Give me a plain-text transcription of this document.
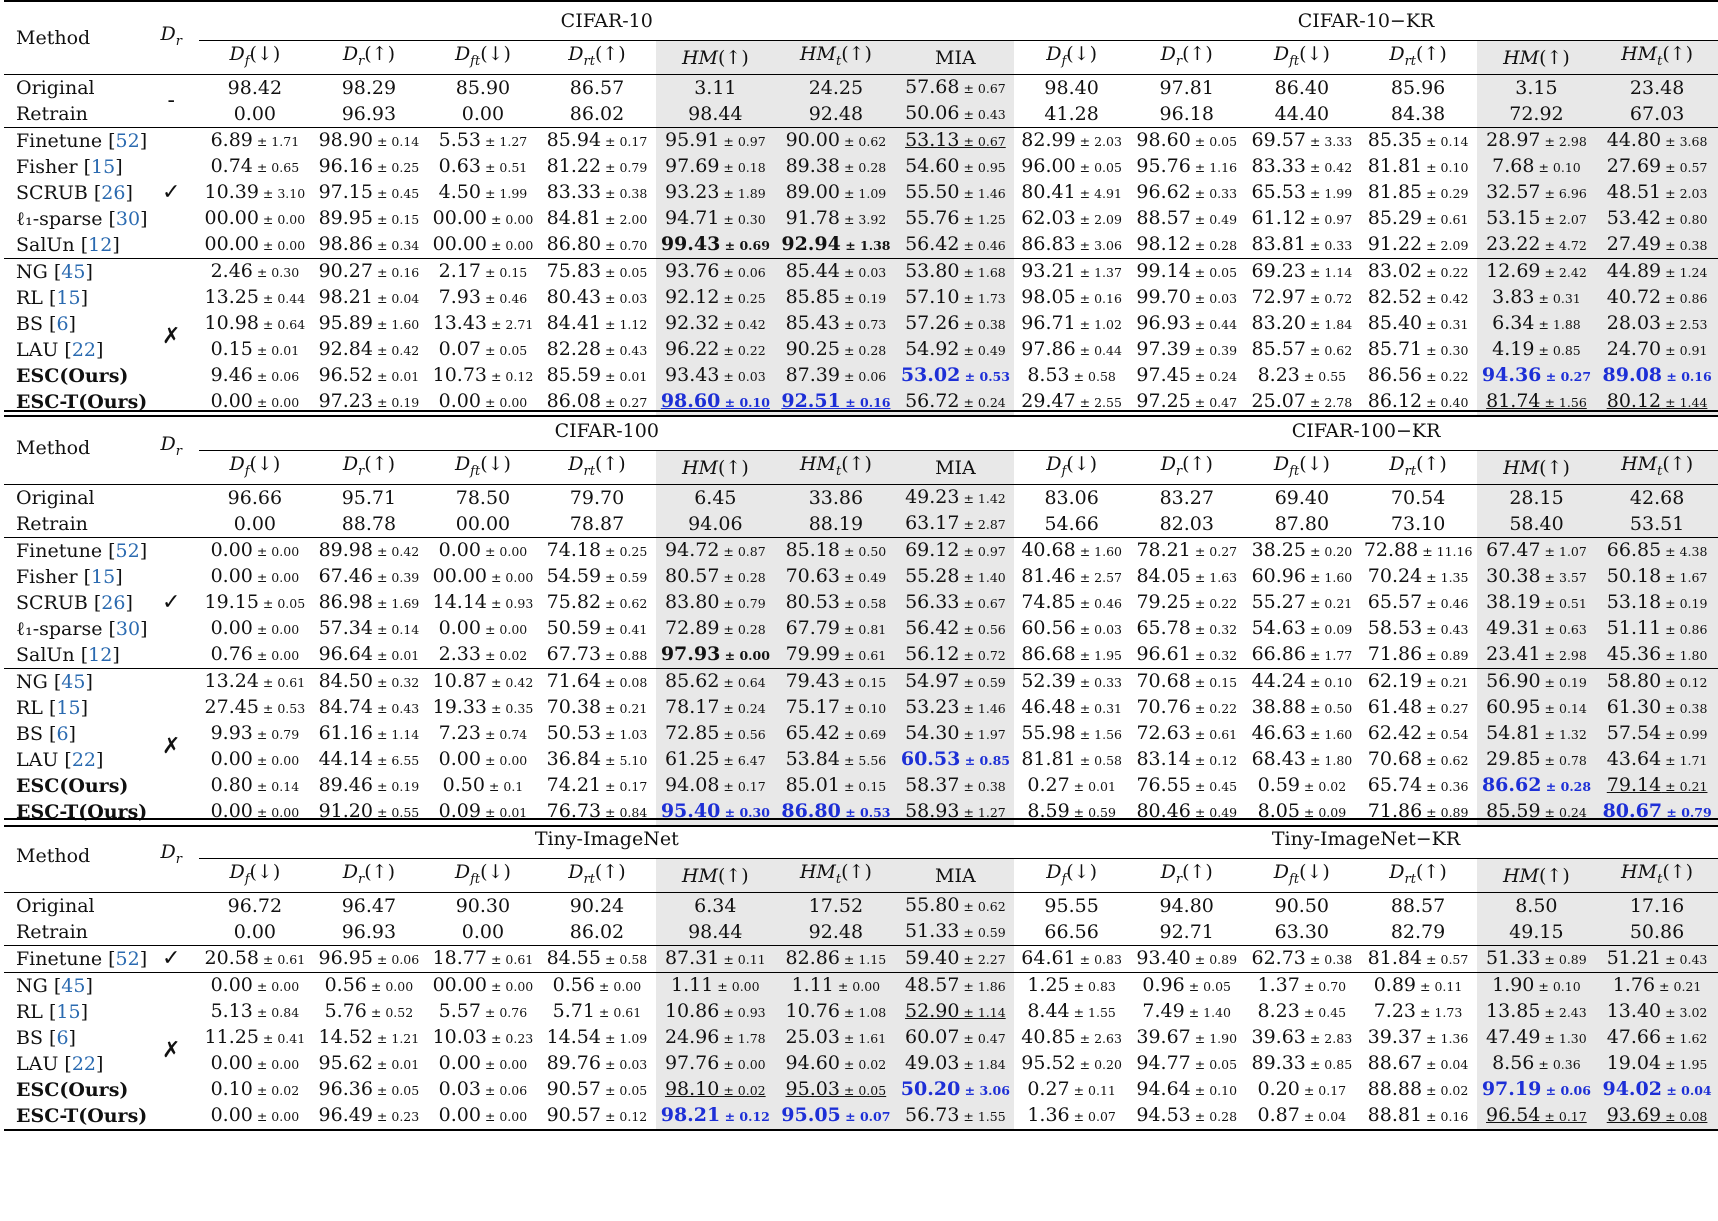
Method	$D_r$	CIFAR-10							CIFAR-10−KR					
		$D_f(↓)$	$D_r(↑)$	$D_{ft}(↓)$	$D_{rt}(↑)$	HM(↑)	$HM_t(↑)$	MIA	$D_f(↓)$	$D_r(↑)$	$D_{ft}(↓)$	$D_{rt}(↑)$	HM(↑)	$HM_t(↑)$
Original	-	98.42	98.29	85.90	86.57	3.11	24.25	57.68 ± 0.67	98.40	97.81	86.40	85.96	3.15	23.48
Retrain		0.00	96.93	0.00	86.02	98.44	92.48	50.06 ± 0.43	41.28	96.18	44.40	84.38	72.92	67.03
Finetune [52]	✓	6.89 ± 1.71	98.90 ± 0.14	5.53 ± 1.27	85.94 ± 0.17	95.91 ± 0.97	90.00 ± 0.62	53.13 ± 0.67	82.99 ± 2.03	98.60 ± 0.05	69.57 ± 3.33	85.35 ± 0.14	28.97 ± 2.98	44.80 ± 3.68
Fisher [15]		0.74 ± 0.65	96.16 ± 0.25	0.63 ± 0.51	81.22 ± 0.79	97.69 ± 0.18	89.38 ± 0.28	54.60 ± 0.95	96.00 ± 0.05	95.76 ± 1.16	83.33 ± 0.42	81.81 ± 0.10	7.68 ± 0.10	27.69 ± 0.57
SCRUB [26]		10.39 ± 3.10	97.15 ± 0.45	4.50 ± 1.99	83.33 ± 0.38	93.23 ± 1.89	89.00 ± 1.09	55.50 ± 1.46	80.41 ± 4.91	96.62 ± 0.33	65.53 ± 1.99	81.85 ± 0.29	32.57 ± 6.96	48.51 ± 2.03
ℓ₁-sparse [30]		00.00 ± 0.00	89.95 ± 0.15	00.00 ± 0.00	84.81 ± 2.00	94.71 ± 0.30	91.78 ± 3.92	55.76 ± 1.25	62.03 ± 2.09	88.57 ± 0.49	61.12 ± 0.97	85.29 ± 0.61	53.15 ± 2.07	53.42 ± 0.80
SalUn [12]		00.00 ± 0.00	98.86 ± 0.34	00.00 ± 0.00	86.80 ± 0.70	99.43 ± 0.69	92.94 ± 1.38	56.42 ± 0.46	86.83 ± 3.06	98.12 ± 0.28	83.81 ± 0.33	91.22 ± 2.09	23.22 ± 4.72	27.49 ± 0.38
NG [45]	✗	2.46 ± 0.30	90.27 ± 0.16	2.17 ± 0.15	75.83 ± 0.05	93.76 ± 0.06	85.44 ± 0.03	53.80 ± 1.68	93.21 ± 1.37	99.14 ± 0.05	69.23 ± 1.14	83.02 ± 0.22	12.69 ± 2.42	44.89 ± 1.24
RL [15]		13.25 ± 0.44	98.21 ± 0.04	7.93 ± 0.46	80.43 ± 0.03	92.12 ± 0.25	85.85 ± 0.19	57.10 ± 1.73	98.05 ± 0.16	99.70 ± 0.03	72.97 ± 0.72	82.52 ± 0.42	3.83 ± 0.31	40.72 ± 0.86
BS [6]		10.98 ± 0.64	95.89 ± 1.60	13.43 ± 2.71	84.41 ± 1.12	92.32 ± 0.42	85.43 ± 0.73	57.26 ± 0.38	96.71 ± 1.02	96.93 ± 0.44	83.20 ± 1.84	85.40 ± 0.31	6.34 ± 1.88	28.03 ± 2.53
LAU [22]		0.15 ± 0.01	92.84 ± 0.42	0.07 ± 0.05	82.28 ± 0.43	96.22 ± 0.22	90.25 ± 0.28	54.92 ± 0.49	97.86 ± 0.44	97.39 ± 0.39	85.57 ± 0.62	85.71 ± 0.30	4.19 ± 0.85	24.70 ± 0.91
ESC(Ours)		9.46 ± 0.06	96.52 ± 0.01	10.73 ± 0.12	85.59 ± 0.01	93.43 ± 0.03	87.39 ± 0.06	53.02 ± 0.53	8.53 ± 0.58	97.45 ± 0.24	8.23 ± 0.55	86.56 ± 0.22	94.36 ± 0.27	89.08 ± 0.16
ESC-T(Ours)		0.00 ± 0.00	97.23 ± 0.19	0.00 ± 0.00	86.08 ± 0.27	98.60 ± 0.10	92.51 ± 0.16	56.72 ± 0.24	29.47 ± 2.55	97.25 ± 0.47	25.07 ± 2.78	86.12 ± 0.40	81.74 ± 1.56	80.12 ± 1.44
Method	$D_r$	CIFAR-100							CIFAR-100−KR					
		$D_f(↓)$	$D_r(↑)$	$D_{ft}(↓)$	$D_{rt}(↑)$	HM(↑)	$HM_t(↑)$	MIA	$D_f(↓)$	$D_r(↑)$	$D_{ft}(↓)$	$D_{rt}(↑)$	HM(↑)	$HM_t(↑)$
Original		96.66	95.71	78.50	79.70	6.45	33.86	49.23 ± 1.42	83.06	83.27	69.40	70.54	28.15	42.68
Retrain		0.00	88.78	00.00	78.87	94.06	88.19	63.17 ± 2.87	54.66	82.03	87.80	73.10	58.40	53.51
Finetune [52]	✓	0.00 ± 0.00	89.98 ± 0.42	0.00 ± 0.00	74.18 ± 0.25	94.72 ± 0.87	85.18 ± 0.50	69.12 ± 0.97	40.68 ± 1.60	78.21 ± 0.27	38.25 ± 0.20	72.88 ± 11.16	67.47 ± 1.07	66.85 ± 4.38
Fisher [15]		0.00 ± 0.00	67.46 ± 0.39	00.00 ± 0.00	54.59 ± 0.59	80.57 ± 0.28	70.63 ± 0.49	55.28 ± 1.40	81.46 ± 2.57	84.05 ± 1.63	60.96 ± 1.60	70.24 ± 1.35	30.38 ± 3.57	50.18 ± 1.67
SCRUB [26]		19.15 ± 0.05	86.98 ± 1.69	14.14 ± 0.93	75.82 ± 0.62	83.80 ± 0.79	80.53 ± 0.58	56.33 ± 0.67	74.85 ± 0.46	79.25 ± 0.22	55.27 ± 0.21	65.57 ± 0.46	38.19 ± 0.51	53.18 ± 0.19
ℓ₁-sparse [30]		0.00 ± 0.00	57.34 ± 0.14	0.00 ± 0.00	50.59 ± 0.41	72.89 ± 0.28	67.79 ± 0.81	56.42 ± 0.56	60.56 ± 0.03	65.78 ± 0.32	54.63 ± 0.09	58.53 ± 0.43	49.31 ± 0.63	51.11 ± 0.86
SalUn [12]		0.76 ± 0.00	96.64 ± 0.01	2.33 ± 0.02	67.73 ± 0.88	97.93 ± 0.00	79.99 ± 0.61	56.12 ± 0.72	86.68 ± 1.95	96.61 ± 0.32	66.86 ± 1.77	71.86 ± 0.89	23.41 ± 2.98	45.36 ± 1.80
NG [45]	✗	13.24 ± 0.61	84.50 ± 0.32	10.87 ± 0.42	71.64 ± 0.08	85.62 ± 0.64	79.43 ± 0.15	54.97 ± 0.59	52.39 ± 0.33	70.68 ± 0.15	44.24 ± 0.10	62.19 ± 0.21	56.90 ± 0.19	58.80 ± 0.12
RL [15]		27.45 ± 0.53	84.74 ± 0.43	19.33 ± 0.35	70.38 ± 0.21	78.17 ± 0.24	75.17 ± 0.10	53.23 ± 1.46	46.48 ± 0.31	70.76 ± 0.22	38.88 ± 0.50	61.48 ± 0.27	60.95 ± 0.14	61.30 ± 0.38
BS [6]		9.93 ± 0.79	61.16 ± 1.14	7.23 ± 0.74	50.53 ± 1.03	72.85 ± 0.56	65.42 ± 0.69	54.30 ± 1.97	55.98 ± 1.56	72.63 ± 0.61	46.63 ± 1.60	62.42 ± 0.54	54.81 ± 1.32	57.54 ± 0.99
LAU [22]		0.00 ± 0.00	44.14 ± 6.55	0.00 ± 0.00	36.84 ± 5.10	61.25 ± 6.47	53.84 ± 5.56	60.53 ± 0.85	81.81 ± 0.58	83.14 ± 0.12	68.43 ± 1.80	70.68 ± 0.62	29.85 ± 0.78	43.64 ± 1.71
ESC(Ours)		0.80 ± 0.14	89.46 ± 0.19	0.50 ± 0.1	74.21 ± 0.17	94.08 ± 0.17	85.01 ± 0.15	58.37 ± 0.38	0.27 ± 0.01	76.55 ± 0.45	0.59 ± 0.02	65.74 ± 0.36	86.62 ± 0.28	79.14 ± 0.21
ESC-T(Ours)		0.00 ± 0.00	91.20 ± 0.55	0.09 ± 0.01	76.73 ± 0.84	95.40 ± 0.30	86.80 ± 0.53	58.93 ± 1.27	8.59 ± 0.59	80.46 ± 0.49	8.05 ± 0.09	71.86 ± 0.89	85.59 ± 0.24	80.67 ± 0.79
Method	$D_r$	Tiny-ImageNet							Tiny-ImageNet−KR					
		$D_f(↓)$	$D_r(↑)$	$D_{ft}(↓)$	$D_{rt}(↑)$	HM(↑)	$HM_t(↑)$	MIA	$D_f(↓)$	$D_r(↑)$	$D_{ft}(↓)$	$D_{rt}(↑)$	HM(↑)	$HM_t(↑)$
Original		96.72	96.47	90.30	90.24	6.34	17.52	55.80 ± 0.62	95.55	94.80	90.50	88.57	8.50	17.16
Retrain		0.00	96.93	0.00	86.02	98.44	92.48	51.33 ± 0.59	66.56	92.71	63.30	82.79	49.15	50.86
Finetune [52]	✓	20.58 ± 0.61	96.95 ± 0.06	18.77 ± 0.61	84.55 ± 0.58	87.31 ± 0.11	82.86 ± 1.15	59.40 ± 2.27	64.61 ± 0.83	93.40 ± 0.89	62.73 ± 0.38	81.84 ± 0.57	51.33 ± 0.89	51.21 ± 0.43
NG [45]	✗	0.00 ± 0.00	0.56 ± 0.00	00.00 ± 0.00	0.56 ± 0.00	1.11 ± 0.00	1.11 ± 0.00	48.57 ± 1.86	1.25 ± 0.83	0.96 ± 0.05	1.37 ± 0.70	0.89 ± 0.11	1.90 ± 0.10	1.76 ± 0.21
RL [15]		5.13 ± 0.84	5.76 ± 0.52	5.57 ± 0.76	5.71 ± 0.61	10.86 ± 0.93	10.76 ± 1.08	52.90 ± 1.14	8.44 ± 1.55	7.49 ± 1.40	8.23 ± 0.45	7.23 ± 1.73	13.85 ± 2.43	13.40 ± 3.02
BS [6]		11.25 ± 0.41	14.52 ± 1.21	10.03 ± 0.23	14.54 ± 1.09	24.96 ± 1.78	25.03 ± 1.61	60.07 ± 0.47	40.85 ± 2.63	39.67 ± 1.90	39.63 ± 2.83	39.37 ± 1.36	47.49 ± 1.30	47.66 ± 1.62
LAU [22]		0.00 ± 0.00	95.62 ± 0.01	0.00 ± 0.00	89.76 ± 0.03	97.76 ± 0.00	94.60 ± 0.02	49.03 ± 1.84	95.52 ± 0.20	94.77 ± 0.05	89.33 ± 0.85	88.67 ± 0.04	8.56 ± 0.36	19.04 ± 1.95
ESC(Ours)		0.10 ± 0.02	96.36 ± 0.05	0.03 ± 0.06	90.57 ± 0.05	98.10 ± 0.02	95.03 ± 0.05	50.20 ± 3.06	0.27 ± 0.11	94.64 ± 0.10	0.20 ± 0.17	88.88 ± 0.02	97.19 ± 0.06	94.02 ± 0.04
ESC-T(Ours)		0.00 ± 0.00	96.49 ± 0.23	0.00 ± 0.00	90.57 ± 0.12	98.21 ± 0.12	95.05 ± 0.07	56.73 ± 1.55	1.36 ± 0.07	94.53 ± 0.28	0.87 ± 0.04	88.81 ± 0.16	96.54 ± 0.17	93.69 ± 0.08
